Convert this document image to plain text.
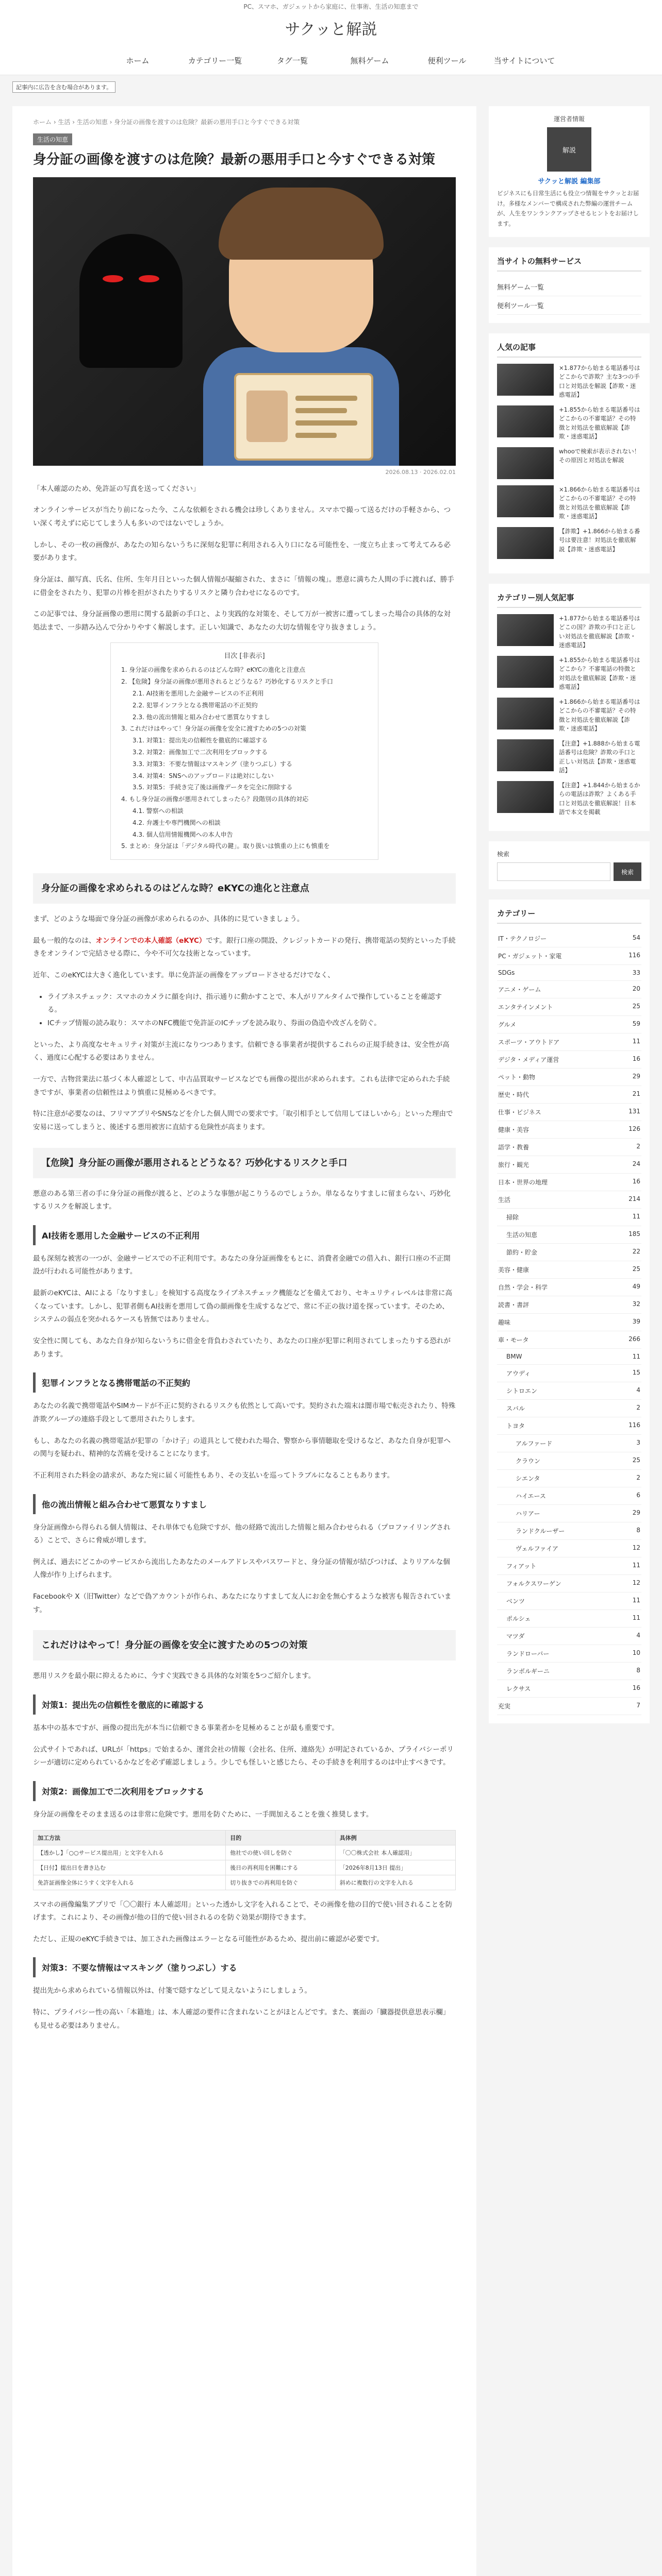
PC、スマホ、ガジェットから家庭に、仕事術、生活の知恵まで
サクッと解説
ホーム	カテゴリー一覧	タグ一覧	無料ゲーム	便利ツール	当サイトについて
記事内に広告を含む場合があります。
ホーム › 生活 › 生活の知恵 › 身分証の画像を渡すのは危険？最新の悪用手口と今すぐできる対策
生活の知恵
身分証の画像を渡すのは危険？最新の悪用手口と今すぐできる対策
2026.08.13 · 2026.02.01

「本人確認のため、免許証の写真を送ってください」

オンラインサービスが当たり前になった今、こんな依頼をされる機会は珍しくありません。スマホで撮って送るだけの手軽さから、つい深く考えずに応じてしまう人も多いのではないでしょうか。

しかし、その一枚の画像が、あなたの知らないうちに深刻な犯罪に利用される入り口になる可能性を、一度立ち止まって考えてみる必要があります。

身分証は、顔写真、氏名、住所、生年月日といった個人情報が凝縮された、まさに「情報の塊」。悪意に満ちた人間の手に渡れば、勝手に借金をされたり、犯罪の片棒を担がされたりするリスクと隣り合わせになるのです。

この記事では、身分証画像の悪用に関する最新の手口と、より実践的な対策を、そして万が一被害に遭ってしまった場合の具体的な対処法まで、一歩踏み込んで分かりやすく解説します。正しい知識で、あなたの大切な情報を守り抜きましょう。

目次 [非表示]
1. 身分証の画像を求められるのはどんな時？eKYCの進化と注意点
2. 【危険】身分証の画像が悪用されるとどうなる？巧妙化するリスクと手口
2.1. AI技術を悪用した金融サービスの不正利用
2.2. 犯罪インフラとなる携帯電話の不正契約
2.3. 他の流出情報と組み合わせて悪質なりすまし
3. これだけはやって！身分証の画像を安全に渡すための5つの対策
3.1. 対策1：提出先の信頼性を徹底的に確認する
3.2. 対策2：画像加工で二次利用をブロックする
3.3. 対策3：不要な情報はマスキング（塗りつぶし）する
3.4. 対策4：SNSへのアップロードは絶対にしない
3.5. 対策5：手続き完了後は画像データを完全に削除する
4. もし身分証の画像が悪用されてしまったら？段階別の具体的対応
4.1. 警察への相談
4.2. 弁護士や専門機関への相談
4.3. 個人信用情報機関への本人申告
5. まとめ：身分証は「デジタル時代の鍵」。取り扱いは慎重の上にも慎重を
身分証の画像を求められるのはどんな時？eKYCの進化と注意点

まず、どのような場面で身分証の画像が求められるのか、具体的に見ていきましょう。

最も一般的なのは、オンラインでの本人確認（eKYC）です。銀行口座の開設、クレジットカードの発行、携帯電話の契約といった手続きをオンラインで完結させる際に、今や不可欠な技術となっています。

近年、このeKYCは大きく進化しています。単に免許証の画像をアップロードさせるだけでなく、

• ライブネスチェック：スマホのカメラに顔を向け、指示通りに動かすことで、本人がリアルタイムで操作していることを確認する。
• ICチップ情報の読み取り：スマホのNFC機能で免許証のICチップを読み取り、券面の偽造や改ざんを防ぐ。

といった、より高度なセキュリティ対策が主流になりつつあります。信頼できる事業者が提供するこれらの正規手続きは、安全性が高く、過度に心配する必要はありません。

一方で、古物営業法に基づく本人確認として、中古品買取サービスなどでも画像の提出が求められます。これも法律で定められた手続きですが、事業者の信頼性はより慎重に見極めるべきです。

特に注意が必要なのは、フリマアプリやSNSなどを介した個人間での要求です。「取引相手として信用してほしいから」といった理由で安易に送ってしまうと、後述する悪用被害に直結する危険性が高まります。

【危険】身分証の画像が悪用されるとどうなる？巧妙化するリスクと手口

悪意のある第三者の手に身分証の画像が渡ると、どのような事態が起こりうるのでしょうか。単なるなりすましに留まらない、巧妙化するリスクを解説します。

AI技術を悪用した金融サービスの不正利用

最も深刻な被害の一つが、金融サービスでの不正利用です。あなたの身分証画像をもとに、消費者金融での借入れ、銀行口座の不正開設が行われる可能性があります。

最新のeKYCは、AIによる「なりすまし」を検知する高度なライブネスチェック機能などを備えており、セキュリティレベルは非常に高くなっています。しかし、犯罪者側もAI技術を悪用して偽の顔画像を生成するなどで、常に不正の抜け道を探っています。そのため、システムの弱点を突かれるケースも皆無ではありません。

安全性に関しても、あなた自身が知らないうちに借金を背負わされていたり、あなたの口座が犯罪に利用されてしまったりする恐れがあります。

犯罪インフラとなる携帯電話の不正契約

あなたの名義で携帯電話やSIMカードが不正に契約されるリスクも依然として高いです。契約された端末は闇市場で転売されたり、特殊詐欺グループの連絡手段として悪用されたりします。

もし、あなたの名義の携帯電話が犯罪の「かけ子」の道具として使われた場合、警察から事情聴取を受けるなど、あなた自身が犯罪への関与を疑われ、精神的な苦痛を受けることになります。

不正利用された料金の請求が、あなた宛に届く可能性もあり、その支払いを巡ってトラブルになることもあります。

他の流出情報と組み合わせて悪質なりすまし

身分証画像から得られる個人情報は、それ単体でも危険ですが、他の経路で流出した情報と組み合わせられる（プロファイリングされる）ことで、さらに脅威が増します。

例えば、過去にどこかのサービスから流出したあなたのメールアドレスやパスワードと、身分証の情報が結びつけば、よりリアルな個人像が作り上げられます。

Facebookや X（旧Twitter）などで偽アカウントが作られ、あなたになりすまして友人にお金を無心するような被害も報告されています。

これだけはやって！身分証の画像を安全に渡すための5つの対策

悪用リスクを最小限に抑えるために、今すぐ実践できる具体的な対策を5つご紹介します。

対策1：提出先の信頼性を徹底的に確認する

基本中の基本ですが、画像の提出先が本当に信頼できる事業者かを見極めることが最も重要です。

公式サイトであれば、URLが「https」で始まるか、運営会社の情報（会社名、住所、連絡先）が明記されているか、プライバシーポリシーが適切に定められているかなどを必ず確認しましょう。少しでも怪しいと感じたら、その手続きを利用するのは中止すべきです。

対策2：画像加工で二次利用をブロックする

身分証の画像をそのまま送るのは非常に危険です。悪用を防ぐために、一手間加えることを強く推奨します。

加工方法	目的	具体例
【透かし】「○○サービス提出用」と文字を入れる	他社での使い回しを防ぐ	「〇〇株式会社 本人確認用」
【日付】提出日を書き込む	後日の再利用を困難にする	「2026年8月13日 提出」
免許証画像全体にうすく文字を入れる	切り抜きでの再利用を防ぐ	斜めに複数行の文字を入れる

スマホの画像編集アプリで「〇〇銀行 本人確認用」といった透かし文字を入れることで、その画像を他の目的で使い回されることを防げます。これにより、その画像が他の目的で使い回されるのを防ぐ効果が期待できます。

ただし、正規のeKYC手続きでは、加工された画像はエラーとなる可能性があるため、提出前に確認が必要です。

対策3：不要な情報はマスキング（塗りつぶし）する

提出先から求められている情報以外は、付箋で隠すなどして見えないようにしましょう。

特に、プライバシー性の高い「本籍地」は、本人確認の要件に含まれないことがほとんどです。また、裏面の「臓器提供意思表示欄」も見せる必要はありません。

運営者情報
解説
サクッと解説 編集部
ビジネスにも日常生活にも役立つ情報をサクッとお届け。多様なメンバーで構成された弊編の運営チームが、人生をワンランクアップさせるヒントをお届けします。
当サイトの無料サービス
無料ゲーム一覧
便利ツール一覧
人気の記事
×1.877から始まる電話番号はどこからで詐欺？主な3つの手口と対処法を解説【詐欺・迷惑電話】
+1.855から始まる電話番号はどこからの不審電話？その特徴と対処法を徹底解説【詐欺・迷惑電話】
whooで検索が表示されない！その原因と対処法を解説
×1.866から始まる電話番号はどこからの不審電話？その特徴と対処法を徹底解説【詐欺・迷惑電話】
【詐欺】+1.866から始まる番号は要注意！対処法を徹底解説【詐欺・迷惑電話】
カテゴリー別人気記事
+1.877から始まる電話番号はどこの国？詐欺の手口と正しい対処法を徹底解説【詐欺・迷惑電話】
+1.855から始まる電話番号はどこから？不審電話の特徴と対処法を徹底解説【詐欺・迷惑電話】
+1.866から始まる電話番号はどこからの不審電話？その特徴と対処法を徹底解説【詐欺・迷惑電話】
【注意】+1.888から始まる電話番号は危険？詐欺の手口と正しい対処法【詐欺・迷惑電話】
【注意】+1.844から始まるからの電話は詐欺？よくある手口と対処法を徹底解説！日本語で本文を掲載
検索
検索
カテゴリー
IT・テクノロジー	54
PC・ガジェット・家電	116
SDGs	33
アニメ・ゲーム	20
エンタテインメント	25
グルメ	59
スポーツ・アウトドア	11
デジタ・メディア運営	16
ペット・動物	29
歴史・時代	21
仕事・ビジネス	131
健康・美容	126
語学・教養	2
旅行・観光	24
日本・世界の地理	16
生活	214
掃除	11
生活の知恵	185
節約・貯金	22
美容・健康	25
自然・学会・科学	49
読書・書評	32
趣味	39
車・モータ	266
BMW	11
アウディ	15
シトロエン	4
スバル	2
トヨタ	116
アルファード	3
クラウン	25
シエンタ	2
ハイエース	6
ハリアー	29
ランドクルーザー	8
ヴェルファイア	12
フィアット	11
フォルクスワーゲン	12
ベンツ	11
ポルシェ	11
マツダ	4
ランドローバー	10
ランボルギーニ	8
レクサス	16
充実	7
